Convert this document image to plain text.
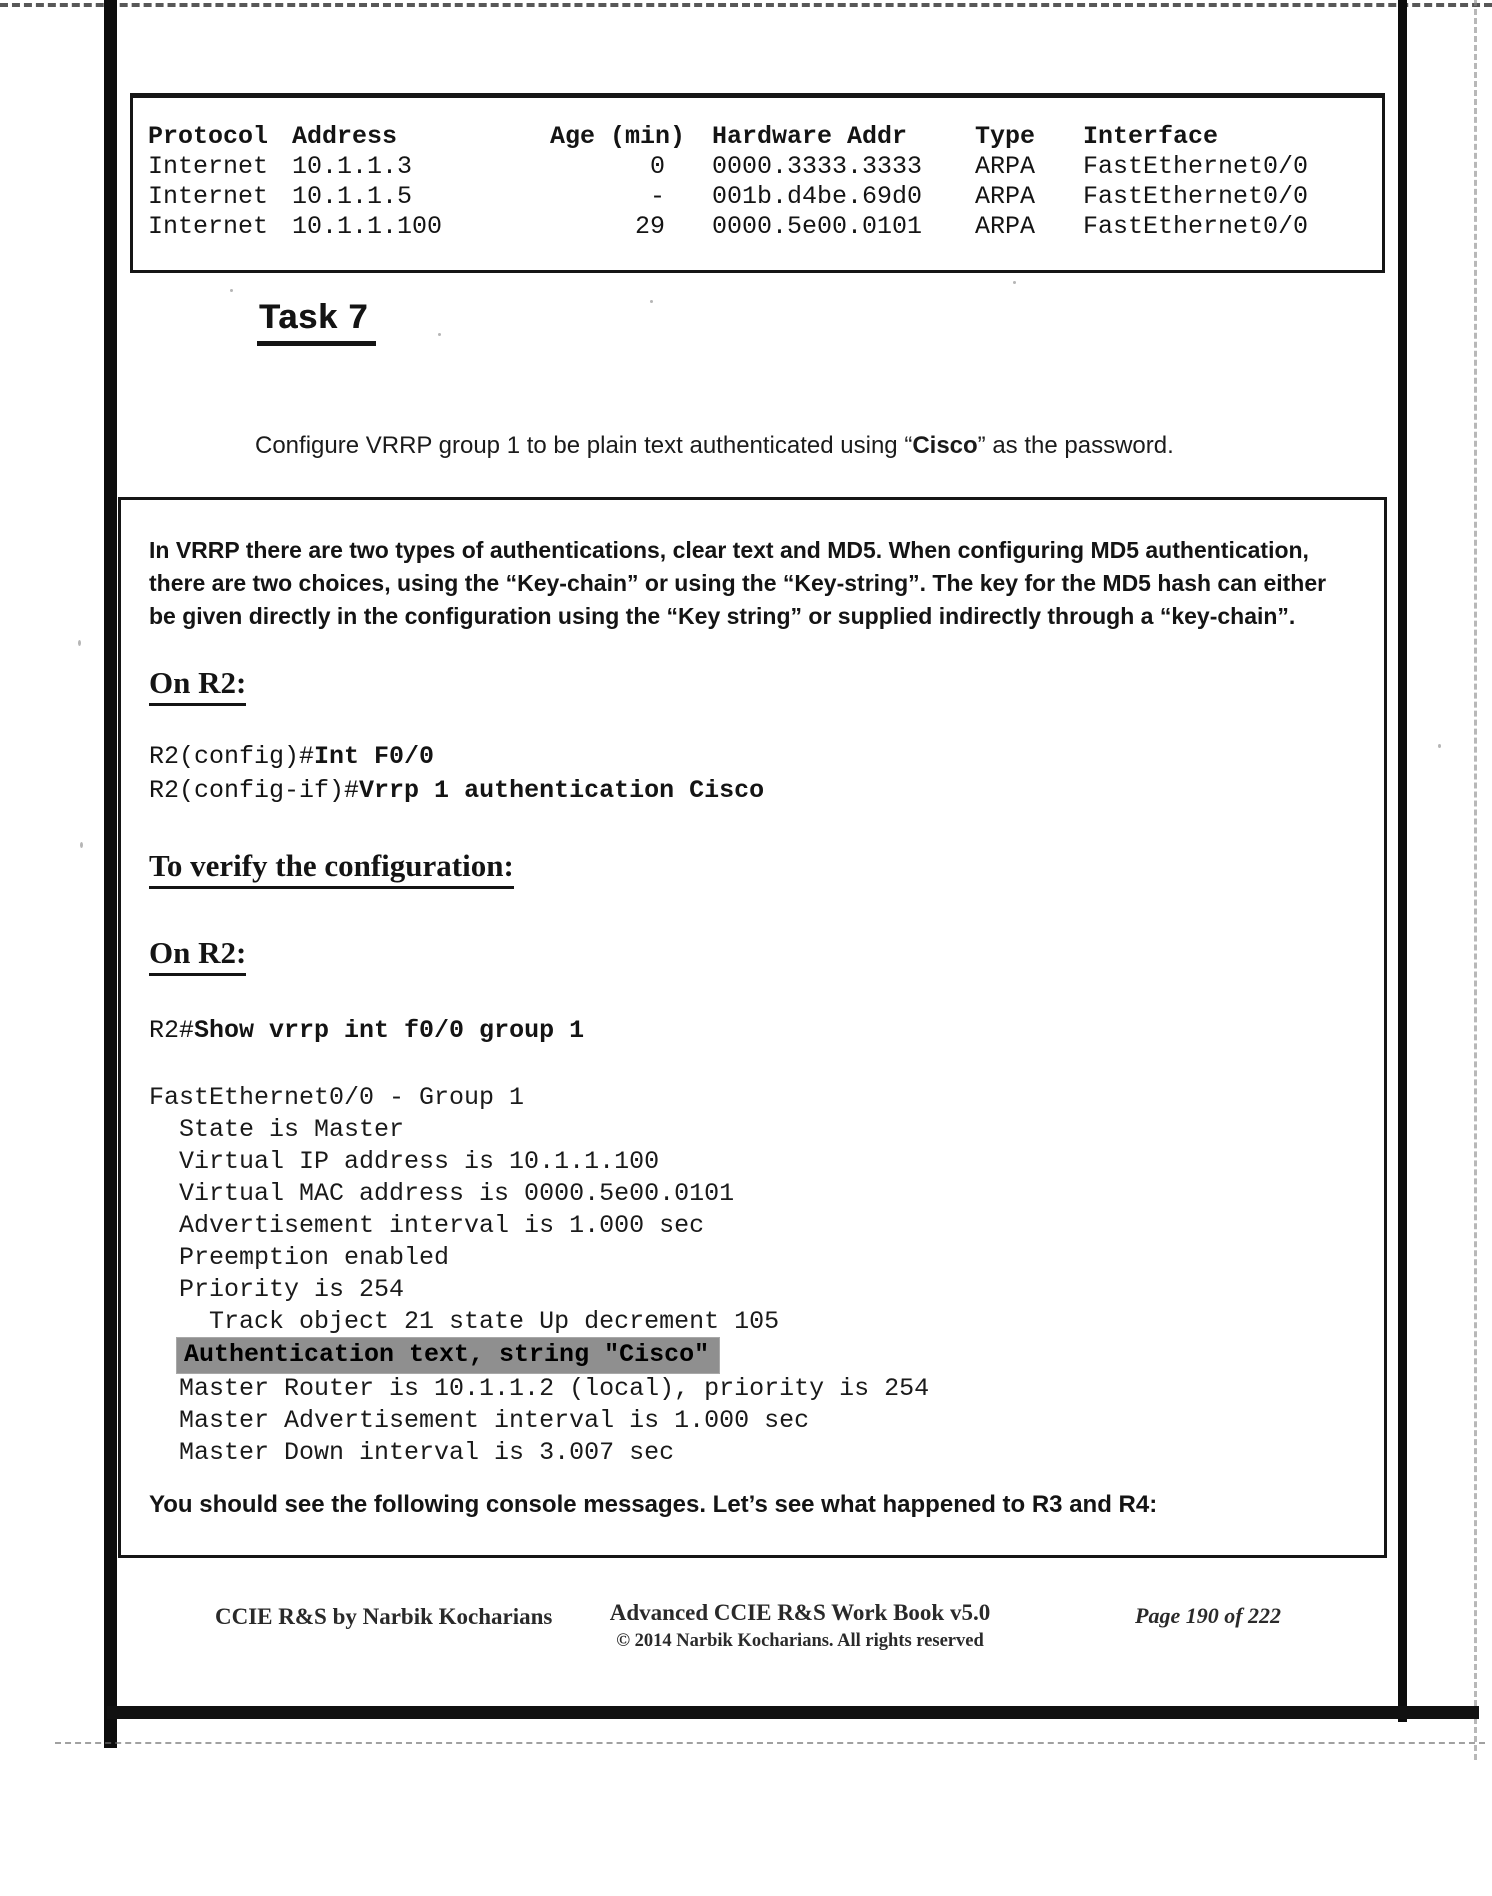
Protocol Address	Age (min)	Hardware Addr	Type	Interface
Internet 10.1.1.3	0	0000.3333.3333	ARPA	FastEthernet0/0
Internet 10.1.1.5	-	001b.d4be.69d0	ARPA	FastEthernet0/0
Internet 10.1.1.100	29	0000.5e00.0101	ARPA	FastEthernet0/0
Task 7
Configure VRRP group 1 to be plain text authenticated using “Cisco” as the password.

In VRRP there are two types of authentications, clear text and MD5. When configuring MD5 authentication, there are two choices, using the “Key-chain” or using the “Key-string”. The key for the MD5 hash can either be given directly in the configuration using the “Key string” or supplied indirectly through a “key-chain”.

On R2:
R2(config)#Int F0/0
R2(config-if)#Vrrp 1 authentication Cisco
To verify the configuration:
On R2:
R2#Show vrrp int f0/0 group 1
FastEthernet0/0 - Group 1
State is Master
Virtual IP address is 10.1.1.100
Virtual MAC address is 0000.5e00.0101
Advertisement interval is 1.000 sec
Preemption enabled
Priority is 254
Track object 21 state Up decrement 105
Authentication text, string "Cisco"
Master Router is 10.1.1.2 (local), priority is 254
Master Advertisement interval is 1.000 sec
Master Down interval is 3.007 sec

You should see the following console messages. Let’s see what happened to R3 and R4:

CCIE R&S by Narbik Kocharians	Advanced CCIE R&S Work Book v5.0
© 2014 Narbik Kocharians. All rights reserved
Page 190 of 222
